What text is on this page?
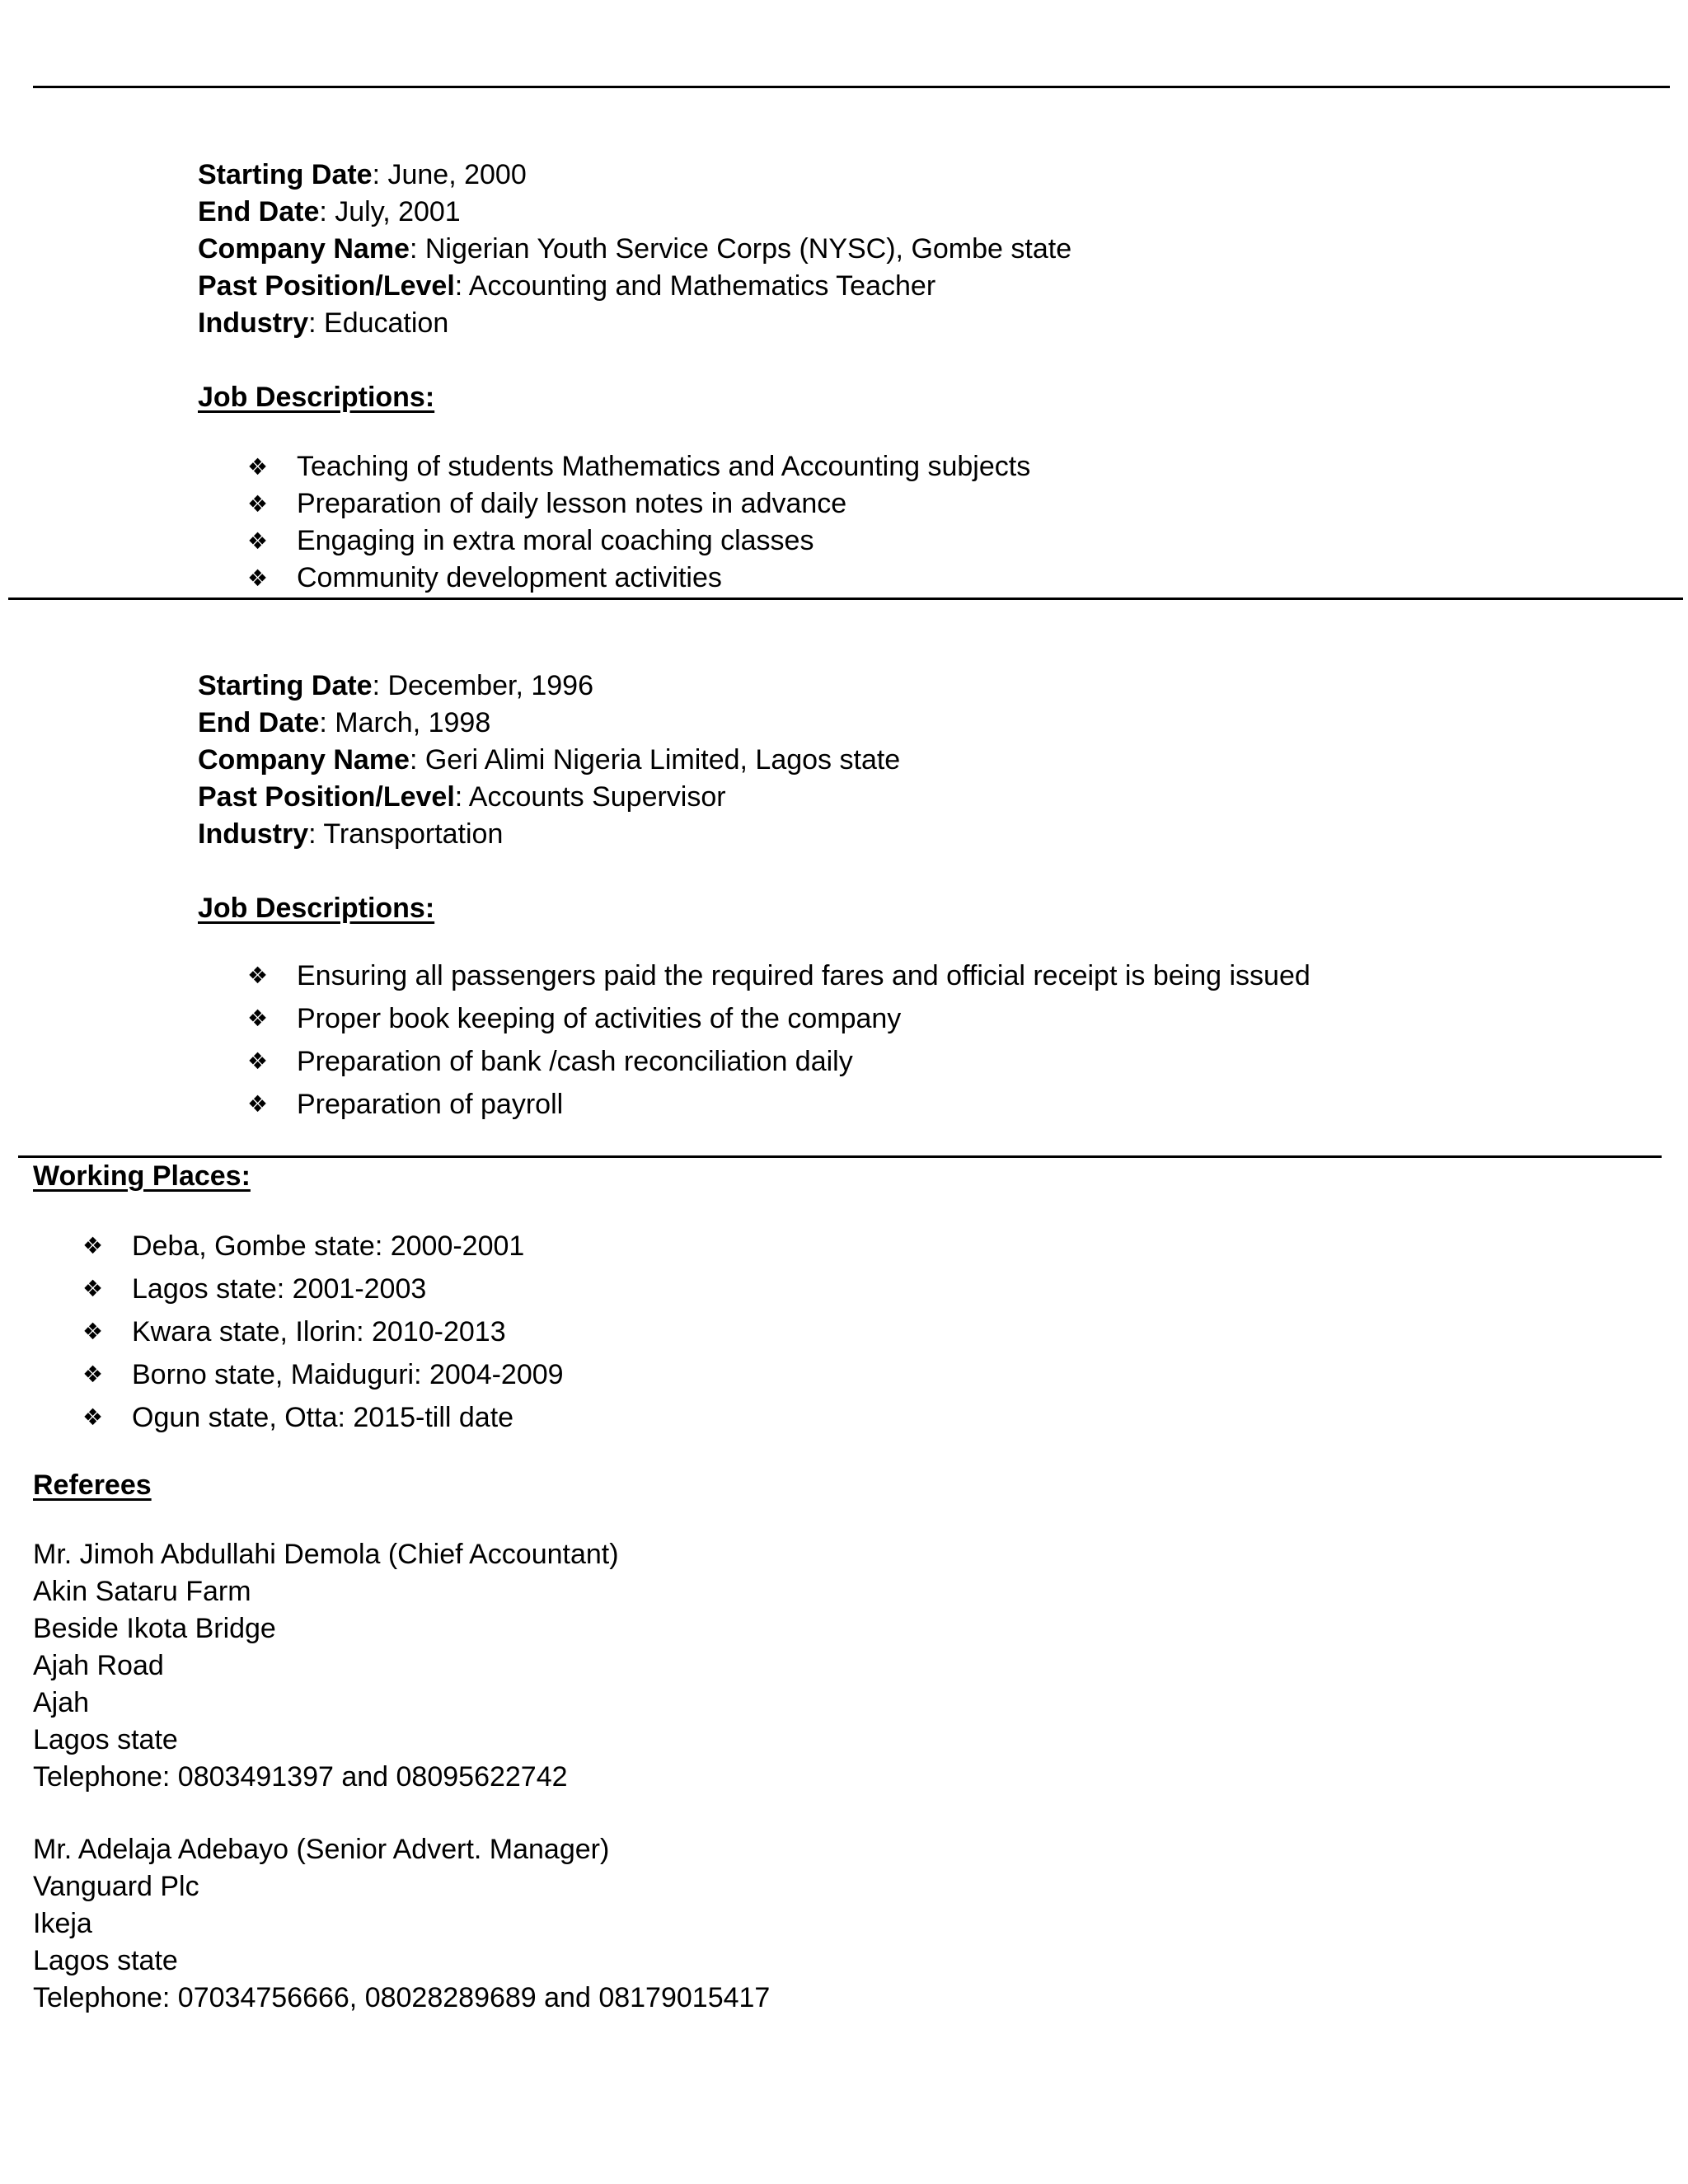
Starting Date: June, 2000
End Date: July, 2001
Company Name: Nigerian Youth Service Corps (NYSC), Gombe state
Past Position/Level: Accounting and Mathematics Teacher
Industry: Education
Job Descriptions:
❖ Teaching of students Mathematics and Accounting subjects
❖ Preparation of daily lesson notes in advance
❖ Engaging in extra moral coaching classes
❖ Community development activities
Starting Date: December, 1996
End Date: March, 1998
Company Name: Geri Alimi Nigeria Limited, Lagos state
Past Position/Level: Accounts Supervisor
Industry: Transportation
Job Descriptions:
❖ Ensuring all passengers paid the required fares and official receipt is being issued
❖ Proper book keeping of activities of the company
❖ Preparation of bank /cash reconciliation daily
❖ Preparation of payroll
Working Places:
❖ Deba, Gombe state: 2000-2001
❖ Lagos state: 2001-2003
❖ Kwara state, Ilorin: 2010-2013
❖ Borno state, Maiduguri: 2004-2009
❖ Ogun state, Otta: 2015-till date
Referees
Mr. Jimoh Abdullahi Demola (Chief Accountant)
Akin Sataru Farm
Beside Ikota Bridge
Ajah Road
Ajah
Lagos state
Telephone: 0803491397 and 08095622742
Mr. Adelaja Adebayo (Senior Advert. Manager)
Vanguard Plc
Ikeja
Lagos state
Telephone: 07034756666, 08028289689 and 08179015417
